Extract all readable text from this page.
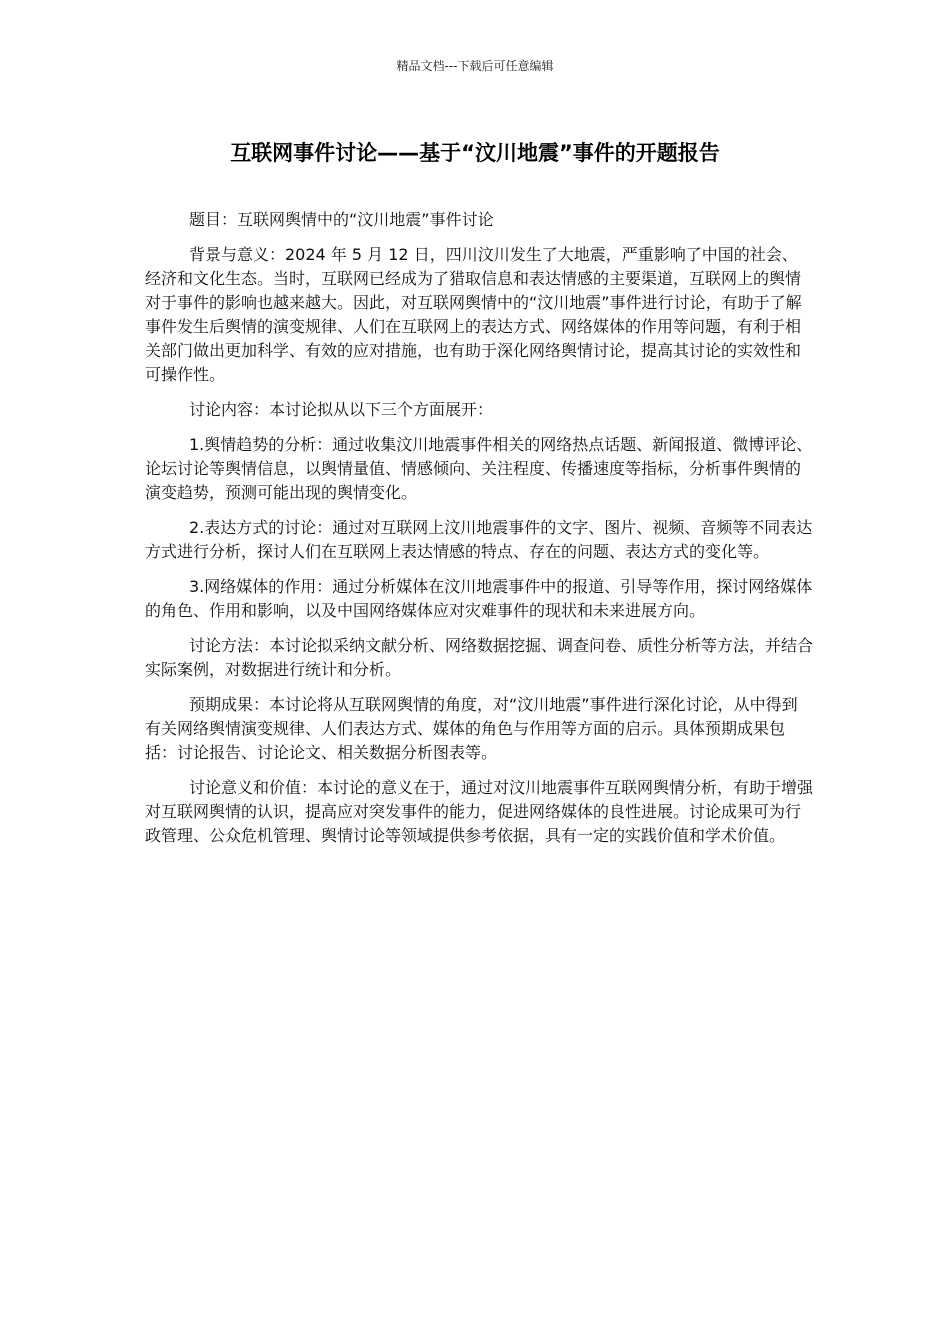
精品文档---下载后可任意编辑
互联网事件讨论——基于“汶川地震”事件的开题报告

题目：互联网舆情中的“汶川地震”事件讨论

背景与意义：2024 年 5 月 12 日，四川汶川发生了大地震，严重影响了中国的社会、经济和文化生态。当时，互联网已经成为了猎取信息和表达情感的主要渠道，互联网上的舆情对于事件的影响也越来越大。因此，对互联网舆情中的“汶川地震”事件进行讨论，有助于了解事件发生后舆情的演变规律、人们在互联网上的表达方式、网络媒体的作用等问题，有利于相关部门做出更加科学、有效的应对措施，也有助于深化网络舆情讨论，提高其讨论的实效性和可操作性。

讨论内容：本讨论拟从以下三个方面展开：

1.舆情趋势的分析：通过收集汶川地震事件相关的网络热点话题、新闻报道、微博评论、论坛讨论等舆情信息，以舆情量值、情感倾向、关注程度、传播速度等指标，分析事件舆情的演变趋势，预测可能出现的舆情变化。

2.表达方式的讨论：通过对互联网上汶川地震事件的文字、图片、视频、音频等不同表达方式进行分析，探讨人们在互联网上表达情感的特点、存在的问题、表达方式的变化等。

3.网络媒体的作用：通过分析媒体在汶川地震事件中的报道、引导等作用，探讨网络媒体的角色、作用和影响，以及中国网络媒体应对灾难事件的现状和未来进展方向。

讨论方法：本讨论拟采纳文献分析、网络数据挖掘、调查问卷、质性分析等方法，并结合实际案例，对数据进行统计和分析。

预期成果：本讨论将从互联网舆情的角度，对“汶川地震”事件进行深化讨论，从中得到有关网络舆情演变规律、人们表达方式、媒体的角色与作用等方面的启示。具体预期成果包括：讨论报告、讨论论文、相关数据分析图表等。

讨论意义和价值：本讨论的意义在于，通过对汶川地震事件互联网舆情分析，有助于增强对互联网舆情的认识，提高应对突发事件的能力，促进网络媒体的良性进展。讨论成果可为行政管理、公众危机管理、舆情讨论等领域提供参考依据，具有一定的实践价值和学术价值。
